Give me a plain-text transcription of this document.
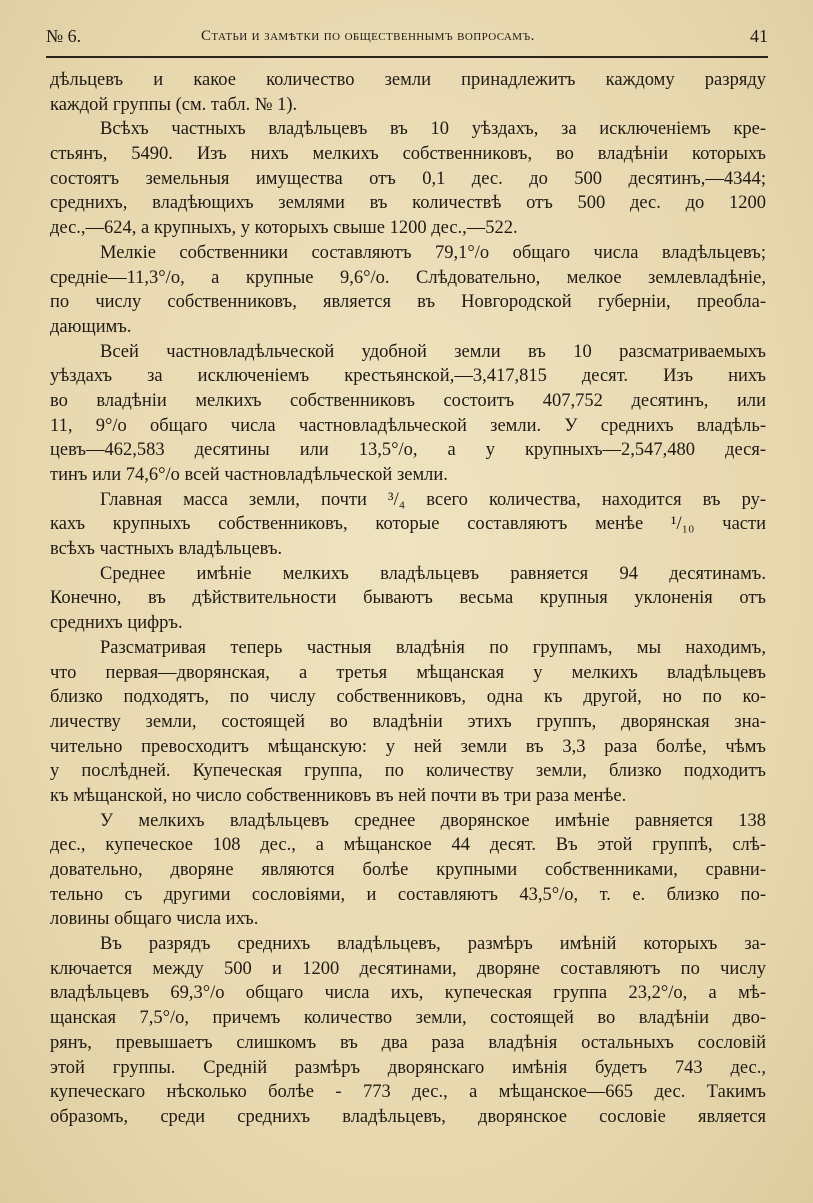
№ 6.	Статьи и замѣтки по общественнымъ вопросамъ.	41
дѣльцевъ и какое количество земли принадлежитъ каждому разряду
каждой группы (см. табл. № 1).
Всѣхъ частныхъ владѣльцевъ въ 10 уѣздахъ, за исключеніемъ кре-
стьянъ, 5490. Изъ нихъ мелкихъ собственниковъ, во владѣніи которыхъ
состоятъ земельныя имущества отъ 0,1 дес. до 500 десятинъ,—4344;
среднихъ, владѣющихъ землями въ количествѣ отъ 500 дес. до 1200
дес.,—624, а крупныхъ, у которыхъ свыше 1200 дес.,—522.
Мелкіе собственники составляютъ 79,1°/о общаго числа владѣльцевъ;
средніе—11,3°/о, а крупные 9,6°/о. Слѣдовательно, мелкое землевладѣніе,
по числу собственниковъ, является въ Новгородской губерніи, преобла-
дающимъ.
Всей частновладѣльческой удобной земли въ 10 разсматриваемыхъ
уѣздахъ за исключеніемъ крестьянской,—3,417,815 десят. Изъ нихъ
во владѣніи мелкихъ собственниковъ состоитъ 407,752 десятинъ, или
11, 9°/о общаго числа частновладѣльческой земли. У среднихъ владѣль-
цевъ—462,583 десятины или 13,5°/о, а у крупныхъ—2,547,480 деся-
тинъ или 74,6°/о всей частновладѣльческой земли.
Главная масса земли, почти ³/₄ всего количества, находится въ ру-
кахъ крупныхъ собственниковъ, которые составляютъ менѣе ¹/₁₀ части
всѣхъ частныхъ владѣльцевъ.
Среднее имѣніе мелкихъ владѣльцевъ равняется 94 десятинамъ.
Конечно, въ дѣйствительности бываютъ весьма крупныя уклоненія отъ
среднихъ цифръ.
Разсматривая теперь частныя владѣнія по группамъ, мы находимъ,
что первая—дворянская, а третья мѣщанская у мелкихъ владѣльцевъ
близко подходятъ, по числу собственниковъ, одна къ другой, но по ко-
личеству земли, состоящей во владѣніи этихъ группъ, дворянская зна-
чительно превосходитъ мѣщанскую: у ней земли въ 3,3 раза болѣе, чѣмъ
у послѣдней. Купеческая группа, по количеству земли, близко подходитъ
къ мѣщанской, но число собственниковъ въ ней почти въ три раза менѣе.
У мелкихъ владѣльцевъ среднее дворянское имѣніе равняется 138
дес., купеческое 108 дес., а мѣщанское 44 десят. Въ этой группѣ, слѣ-
довательно, дворяне являются болѣе крупными собственниками, сравни-
тельно съ другими сословіями, и составляютъ 43,5°/о, т. е. близко по-
ловины общаго числа ихъ.
Въ разрядъ среднихъ владѣльцевъ, размѣръ имѣній которыхъ за-
ключается между 500 и 1200 десятинами, дворяне составляютъ по числу
владѣльцевъ 69,3°/о общаго числа ихъ, купеческая группа 23,2°/о, а мѣ-
щанская 7,5°/о, причемъ количество земли, состоящей во владѣніи дво-
рянъ, превышаетъ слишкомъ въ два раза владѣнія остальныхъ сословій
этой группы. Средній размѣръ дворянскаго имѣнія будетъ 743 дес.,
купеческаго нѣсколько болѣе - 773 дес., а мѣщанское—665 дес. Такимъ
образомъ, среди среднихъ владѣльцевъ, дворянское сословіе является
